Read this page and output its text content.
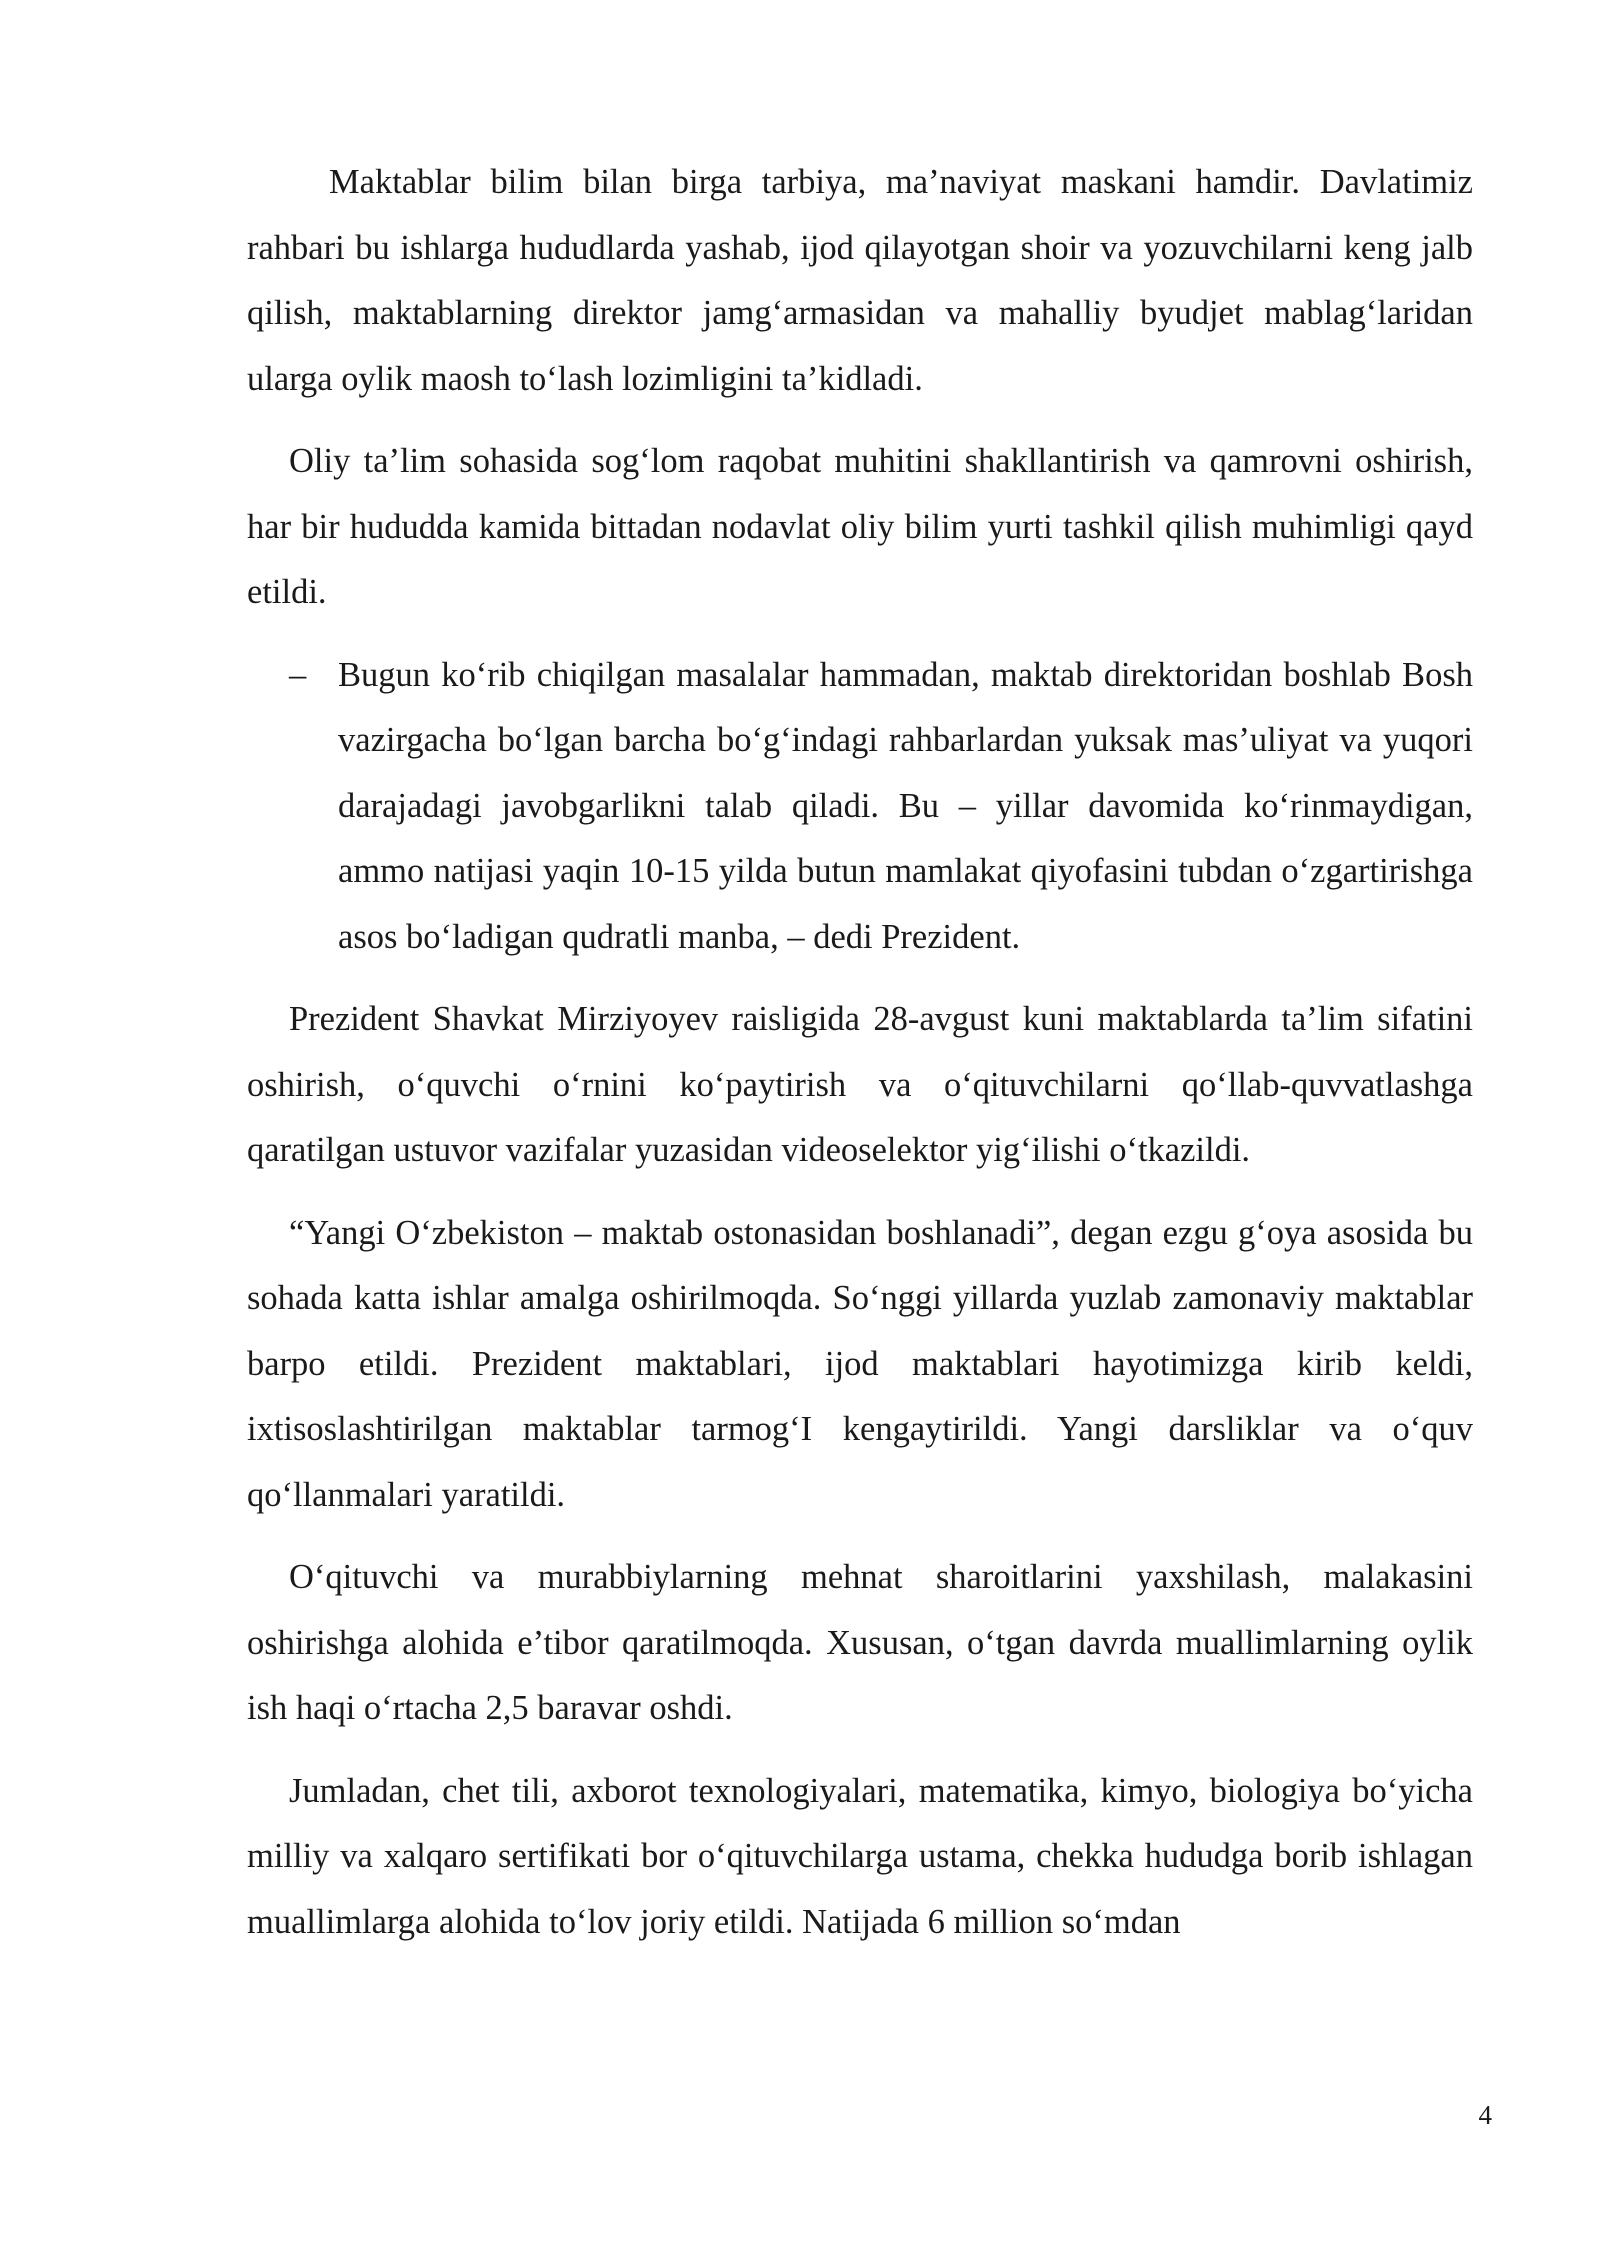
Maktablar bilim bilan birga tarbiya, ma’naviyat maskani hamdir. Davlatimiz rahbari bu ishlarga hududlarda yashab, ijod qilayotgan shoir va yozuvchilarni keng jalb qilish, maktablarning direktor jamg‘armasidan va mahalliy byudjet mablag‘laridan ularga oylik maosh to‘lash lozimligini ta’kidladi.

Oliy ta’lim sohasida sog‘lom raqobat muhitini shakllantirish va qamrovni oshirish, har bir hududda kamida bittadan nodavlat oliy bilim yurti tashkil qilish muhimligi qayd etildi.

– Bugun ko‘rib chiqilgan masalalar hammadan, maktab direktoridan boshlab Bosh vazirgacha bo‘lgan barcha bo‘g‘indagi rahbarlardan yuksak mas’uliyat va yuqori darajadagi javobgarlikni talab qiladi. Bu – yillar davomida ko‘rinmaydigan, ammo natijasi yaqin 10-15 yilda butun mamlakat qiyofasini tubdan o‘zgartirishga asos bo‘ladigan qudratli manba, – dedi Prezident.

Prezident Shavkat Mirziyoyev raisligida 28-avgust kuni maktablarda ta’lim sifatini oshirish, o‘quvchi o‘rnini ko‘paytirish va o‘qituvchilarni qo‘llab-quvvatlashga qaratilgan ustuvor vazifalar yuzasidan videoselektor yig‘ilishi o‘tkazildi.

“Yangi O‘zbekiston – maktab ostonasidan boshlanadi”, degan ezgu g‘oya asosida bu sohada katta ishlar amalga oshirilmoqda. So‘nggi yillarda yuzlab zamonaviy maktablar barpo etildi. Prezident maktablari, ijod maktablari hayotimizga kirib keldi, ixtisoslashtirilgan maktablar tarmog‘I kengaytirildi. Yangi darsliklar va o‘quv qo‘llanmalari yaratildi.

O‘qituvchi va murabbiylarning mehnat sharoitlarini yaxshilash, malakasini oshirishga alohida e’tibor qaratilmoqda. Xususan, o‘tgan davrda muallimlarning oylik ish haqi o‘rtacha 2,5 baravar oshdi.

Jumladan, chet tili, axborot texnologiyalari, matematika, kimyo, biologiya bo‘yicha milliy va xalqaro sertifikati bor o‘qituvchilarga ustama, chekka hududga borib ishlagan muallimlarga alohida to‘lov joriy etildi. Natijada 6 million so‘mdan

4
